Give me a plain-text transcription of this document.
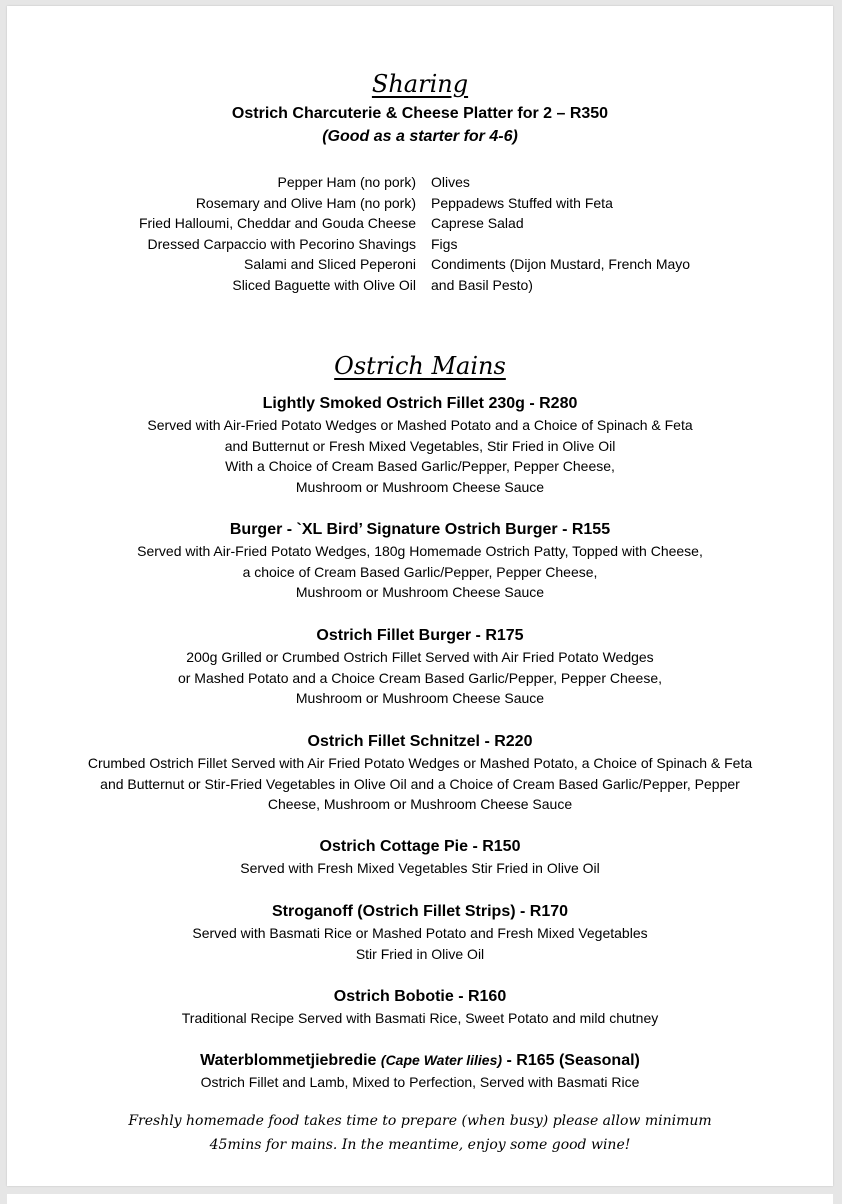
Sharing
Ostrich Charcuterie & Cheese Platter for 2 – R350
(Good as a starter for 4-6)
Pepper Ham (no pork)
Rosemary and Olive Ham (no pork)
Fried Halloumi, Cheddar and Gouda Cheese
Dressed Carpaccio with Pecorino Shavings
Salami and Sliced Peperoni
Sliced Baguette with Olive Oil
Olives
Peppadews Stuffed with Feta
Caprese Salad
Figs
Condiments (Dijon Mustard, French Mayo
and Basil Pesto)
Ostrich Mains
Lightly Smoked Ostrich Fillet 230g - R280
Served with Air-Fried Potato Wedges or Mashed Potato and a Choice of Spinach & Feta
and Butternut or Fresh Mixed Vegetables, Stir Fried in Olive Oil
With a Choice of Cream Based Garlic/Pepper, Pepper Cheese,
Mushroom or Mushroom Cheese Sauce
Burger - `XL Bird’ Signature Ostrich Burger - R155
Served with Air-Fried Potato Wedges, 180g Homemade Ostrich Patty, Topped with Cheese,
a choice of Cream Based Garlic/Pepper, Pepper Cheese,
Mushroom or Mushroom Cheese Sauce
Ostrich Fillet Burger - R175
200g Grilled or Crumbed Ostrich Fillet Served with Air Fried Potato Wedges
or Mashed Potato and a Choice Cream Based Garlic/Pepper, Pepper Cheese,
Mushroom or Mushroom Cheese Sauce
Ostrich Fillet Schnitzel - R220
Crumbed Ostrich Fillet Served with Air Fried Potato Wedges or Mashed Potato, a Choice of Spinach & Feta
and Butternut or Stir-Fried Vegetables in Olive Oil and a Choice of Cream Based Garlic/Pepper, Pepper
Cheese, Mushroom or Mushroom Cheese Sauce
Ostrich Cottage Pie - R150
Served with Fresh Mixed Vegetables Stir Fried in Olive Oil
Stroganoff (Ostrich Fillet Strips) - R170
Served with Basmati Rice or Mashed Potato and Fresh Mixed Vegetables
Stir Fried in Olive Oil
Ostrich Bobotie - R160
Traditional Recipe Served with Basmati Rice, Sweet Potato and mild chutney
Waterblommetjiebredie (Cape Water lilies) - R165 (Seasonal)
Ostrich Fillet and Lamb, Mixed to Perfection, Served with Basmati Rice
Freshly homemade food takes time to prepare (when busy) please allow minimum
45mins for mains. In the meantime, enjoy some good wine!
